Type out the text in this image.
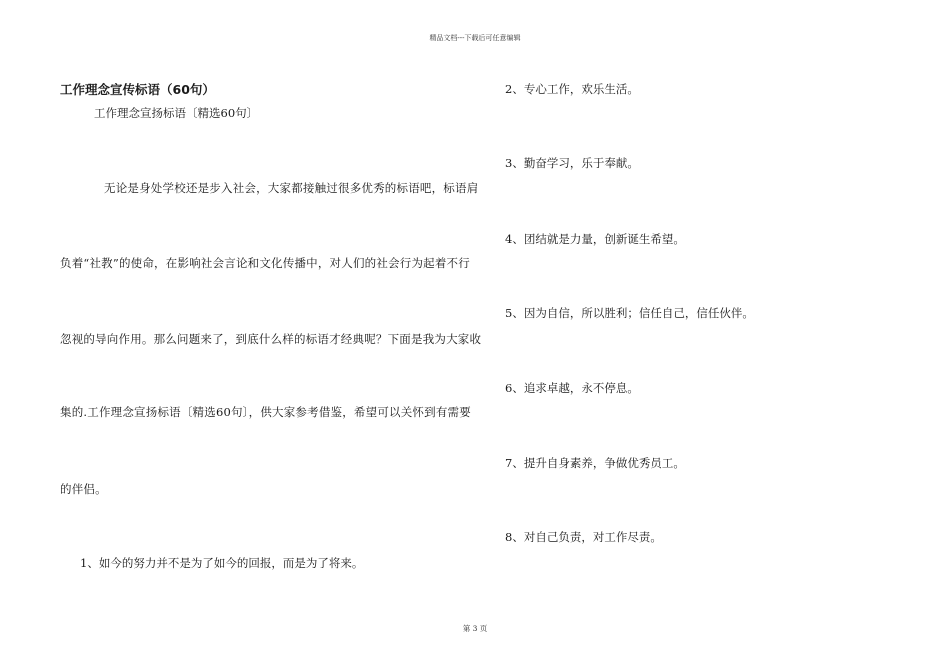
精品文档---下载后可任意编辑
工作理念宣传标语（60句）
工作理念宣扬标语〔精选60句〕
无论是身处学校还是步入社会，大家都接触过很多优秀的标语吧，标语肩
负着“社教”的使命，在影响社会言论和文化传播中，对人们的社会行为起着不行
忽视的导向作用。那么问题来了，到底什么样的标语才经典呢？下面是我为大家收
集的.工作理念宣扬标语〔精选60句〕，供大家参考借鉴，希望可以关怀到有需要
的伴侣。
1、如今的努力并不是为了如今的回报，而是为了将来。
2、专心工作，欢乐生活。
3、勤奋学习，乐于奉献。
4、团结就是力量，创新诞生希望。
5、因为自信，所以胜利；信任自己，信任伙伴。
6、追求卓越，永不停息。
7、提升自身素养，争做优秀员工。
8、对自己负责，对工作尽责。
第 3 页
